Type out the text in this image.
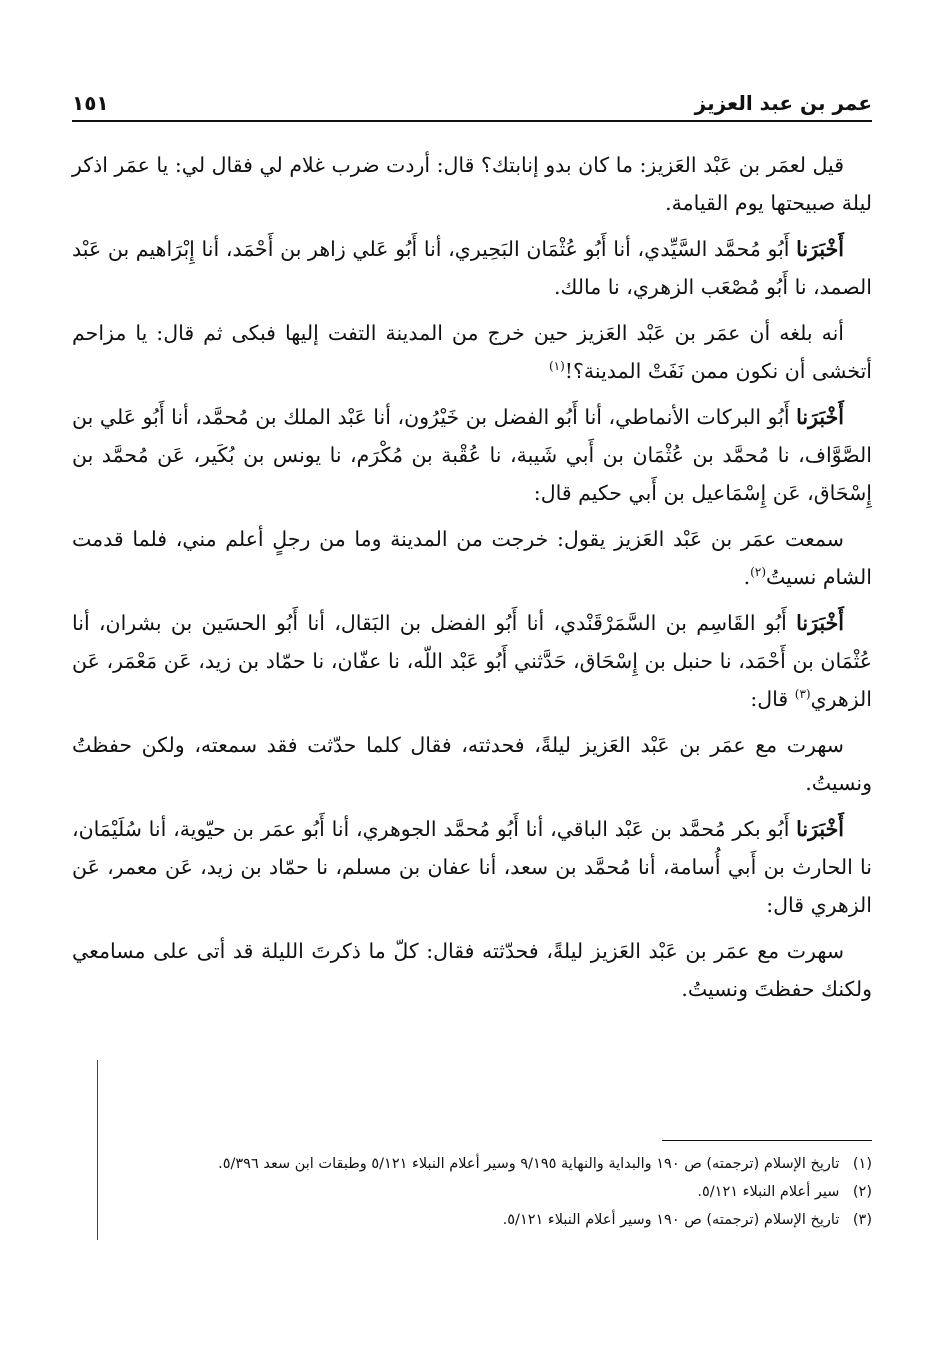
عمر بن عبد العزيز
١٥١

قيل لعمَر بن عَبْد العَزيز: ما كان بدو إنابتك؟ قال: أردت ضرب غلام لي فقال لي: يا عمَر اذكر ليلة صبيحتها يوم القيامة.

أَخْبَرَنا أَبُو مُحمَّد السَّيِّدي، أنا أَبُو عُثْمَان البَحِيري، أنا أَبُو عَلي زاهر بن أَحْمَد، أنا إِبْرَاهيم بن عَبْد الصمد، نا أَبُو مُصْعَب الزهري، نا مالك.

أنه بلغه أن عمَر بن عَبْد العَزيز حين خرج من المدينة التفت إليها فبكى ثم قال: يا مزاحم أتخشى أن نكون ممن نَفَتْ المدينة؟!$^{(١)}$

أَخْبَرَنا أَبُو البركات الأنماطي، أنا أَبُو الفضل بن خَيْرُون، أنا عَبْد الملك بن مُحمَّد، أنا أَبُو عَلي بن الصَّوَّاف، نا مُحمَّد بن عُثْمَان بن أَبي شَيبة، نا عُقْبة بن مُكْرَم، نا يونس بن بُكَير، عَن مُحمَّد بن إِسْحَاق، عَن إِسْمَاعيل بن أَبي حكيم قال:

سمعت عمَر بن عَبْد العَزيز يقول: خرجت من المدينة وما من رجلٍ أعلم مني، فلما قدمت الشام نسيتُ$^{(٢)}$.

أَخْبَرَنا أَبُو القَاسِم بن السَّمَرْقَنْدي، أنا أَبُو الفضل بن البَقال، أنا أَبُو الحسَين بن بشران، أنا عُثْمَان بن أَحْمَد، نا حنبل بن إِسْحَاق، حَدَّثني أَبُو عَبْد اللّه، نا عفّان، نا حمّاد بن زيد، عَن مَعْمَر، عَن الزهري$^{(٣)}$ قال:

سهرت مع عمَر بن عَبْد العَزيز ليلةً، فحدثته، فقال كلما حدّثت فقد سمعته، ولكن حفظتُ ونسيتُ.

أَخْبَرَنا أَبُو بكر مُحمَّد بن عَبْد الباقي، أنا أَبُو مُحمَّد الجوهري، أنا أَبُو عمَر بن حيّوية، أنا سُلَيْمَان، نا الحارث بن أَبي أُسامة، أنا مُحمَّد بن سعد، أنا عفان بن مسلم، نا حمّاد بن زيد، عَن معمر، عَن الزهري قال:

سهرت مع عمَر بن عَبْد العَزيز ليلةً، فحدّثته فقال: كلّ ما ذكرتَ الليلة قد أتى على مسامعي ولكنك حفظتَ ونسيتُ.

(١) تاريخ الإسلام (ترجمته) ص ١٩٠ والبداية والنهاية ٩/١٩٥ وسير أعلام النبلاء ٥/١٢١ وطبقات ابن سعد ٥/٣٩٦.

(٢) سير أعلام النبلاء ٥/١٢١.

(٣) تاريخ الإسلام (ترجمته) ص ١٩٠ وسير أعلام النبلاء ٥/١٢١.
